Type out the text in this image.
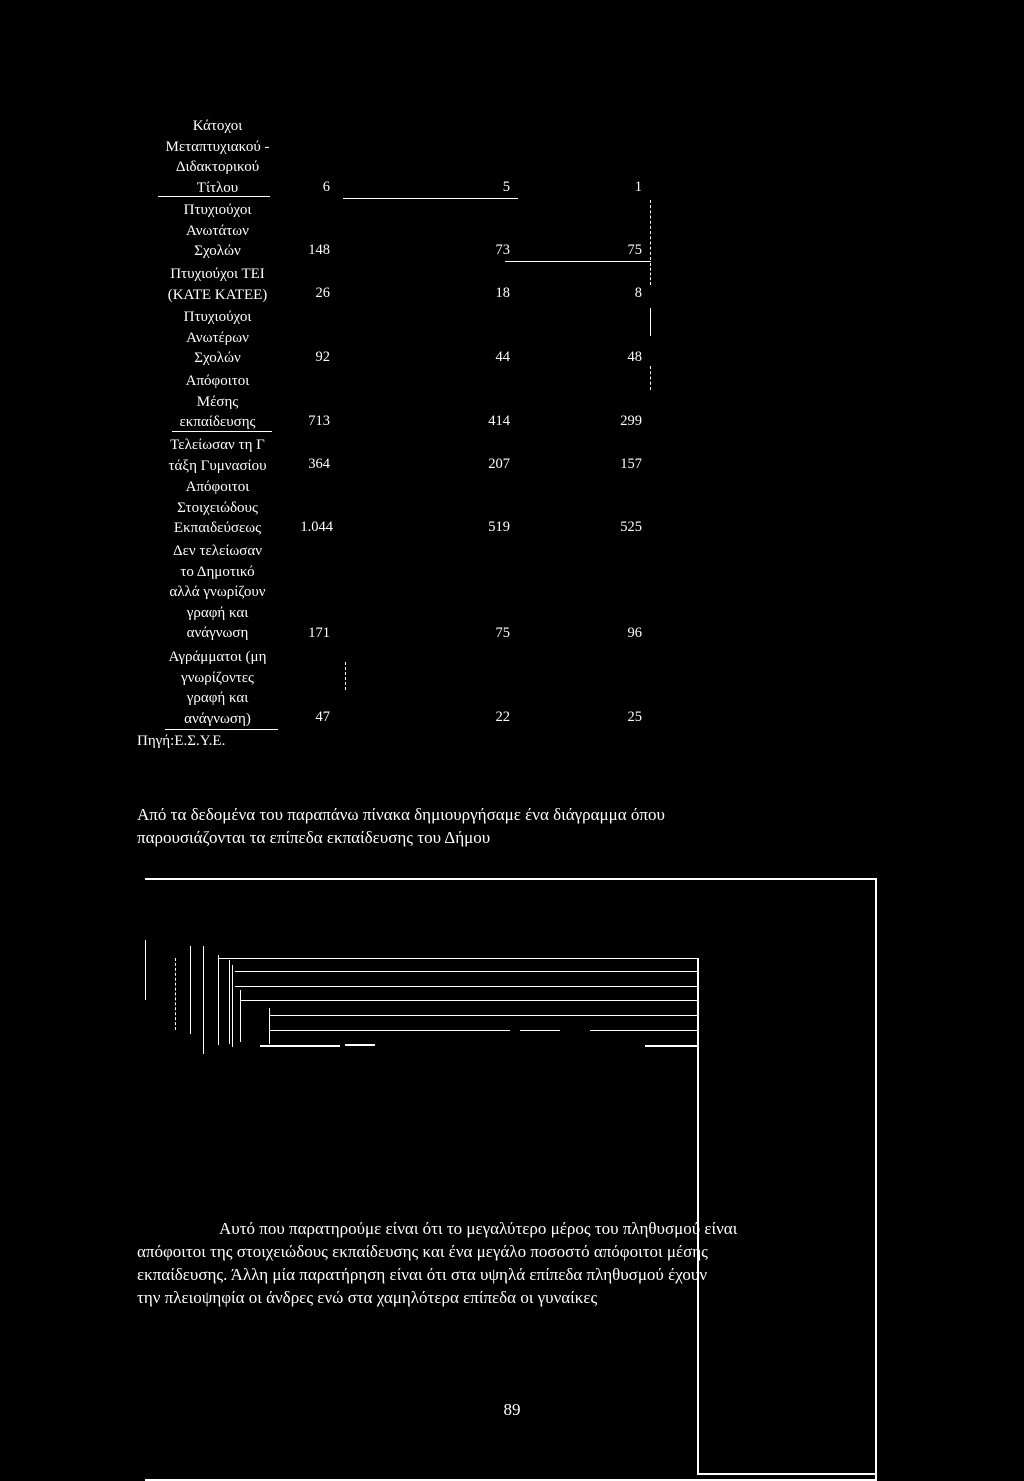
Κάτοχοι
Μεταπτυχιακού -
Διδακτορικού
Τίτλου	6	5	1
Πτυχιούχοι
Ανωτάτων
Σχολών	148	73	75
Πτυχιούχοι ΤΕΙ
(ΚΑΤΕ ΚΑΤΕΕ)	26	18	8
Πτυχιούχοι
Ανωτέρων
Σχολών	92	44	48
Απόφοιτοι
Μέσης
εκπαίδευσης	713	414	299
Τελείωσαν τη Γ
τάξη Γυμνασίου	364	207	157
Απόφοιτοι
Στοιχειώδους
Εκπαιδεύσεως	1.044	519	525
Δεν τελείωσαν
το Δημοτικό
αλλά γνωρίζουν
γραφή και
ανάγνωση	171	75	96
Αγράμματοι (μη
γνωρίζοντες
γραφή και
ανάγνωση)	47	22	25
Πηγή:Ε.Σ.Υ.Ε.
Από τα δεδομένα του παραπάνω πίνακα δημιουργήσαμε ένα διάγραμμα όπου
παρουσιάζονται τα επίπεδα εκπαίδευσης του Δήμου
Αυτό που παρατηρούμε είναι ότι το μεγαλύτερο μέρος του πληθυσμού είναι
απόφοιτοι της στοιχειώδους εκπαίδευσης και ένα μεγάλο ποσοστό απόφοιτοι μέσης
εκπαίδευσης. Άλλη μία παρατήρηση είναι ότι στα υψηλά επίπεδα πληθυσμού έχουν
την πλειοψηφία οι άνδρες ενώ στα χαμηλότερα επίπεδα οι γυναίκες
89
